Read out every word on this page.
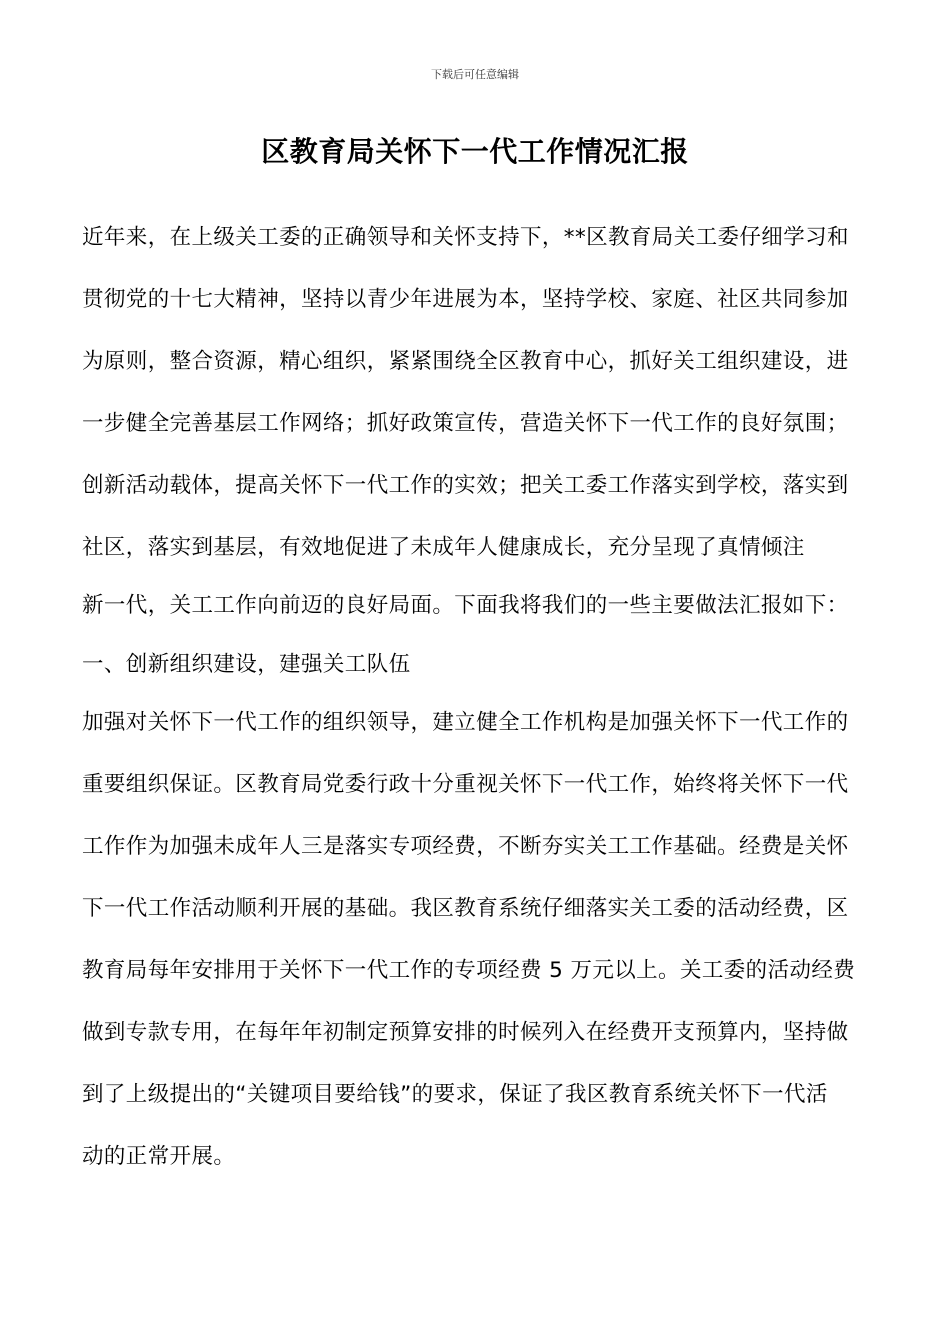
下载后可任意编辑
区教育局关怀下一代工作情况汇报
近年来，在上级关工委的正确领导和关怀支持下，**区教育局关工委仔细学习和
贯彻党的十七大精神，坚持以青少年进展为本，坚持学校、家庭、社区共同参加
为原则，整合资源，精心组织，紧紧围绕全区教育中心，抓好关工组织建设，进
一步健全完善基层工作网络；抓好政策宣传，营造关怀下一代工作的良好氛围；
创新活动载体，提高关怀下一代工作的实效；把关工委工作落实到学校，落实到
社区，落实到基层，有效地促进了未成年人健康成长，充分呈现了真情倾注
新一代，关工工作向前迈的良好局面。下面我将我们的一些主要做法汇报如下：
一、创新组织建设，建强关工队伍
加强对关怀下一代工作的组织领导，建立健全工作机构是加强关怀下一代工作的
重要组织保证。区教育局党委行政十分重视关怀下一代工作，始终将关怀下一代
工作作为加强未成年人三是落实专项经费，不断夯实关工工作基础。经费是关怀
下一代工作活动顺利开展的基础。我区教育系统仔细落实关工委的活动经费，区
教育局每年安排用于关怀下一代工作的专项经费 5 万元以上。关工委的活动经费
做到专款专用，在每年年初制定预算安排的时候列入在经费开支预算内，坚持做
到了上级提出的“关键项目要给钱”的要求，保证了我区教育系统关怀下一代活
动的正常开展。
